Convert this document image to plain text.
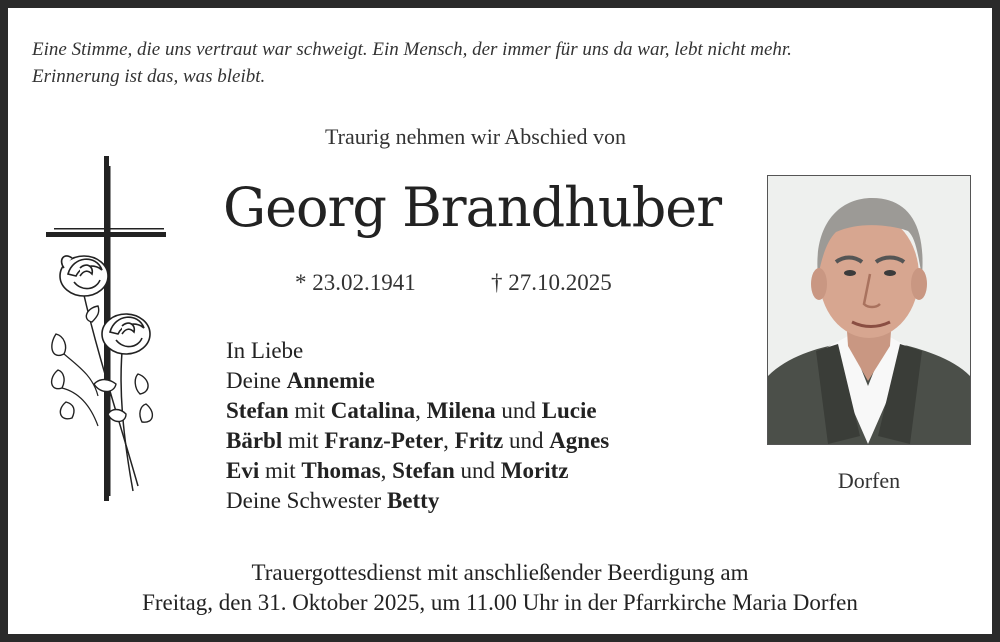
Eine Stimme, die uns vertraut war schweigt. Ein Mensch, der immer für uns da war, lebt nicht mehr.
Erinnerung ist das, was bleibt.

Traurig nehmen wir Abschied von
Georg Brandhuber
* 23.02.1941	† 27.10.2025
In Liebe
Deine Annemie
Stefan mit Catalina, Milena und Lucie
Bärbl mit Franz-Peter, Fritz und Agnes
Evi mit Thomas, Stefan und Moritz
Deine Schwester Betty
Dorfen
Trauergottesdienst mit anschließender Beerdigung am
Freitag, den 31. Oktober 2025, um 11.00 Uhr in der Pfarrkirche Maria Dorfen
